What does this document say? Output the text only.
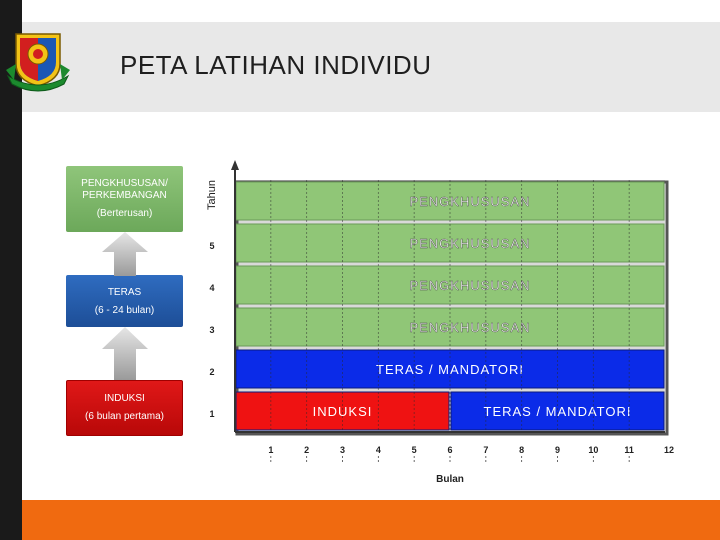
PETA LATIHAN INDIVIDU
PENGKHUSUSAN/ PERKEMBANGAN
(Berterusan)
TERAS
(6 - 24 bulan)
INDUKSI
(6 bulan pertama)
Tahun	PENGKHUSUSAN
PENGKHUSUSAN
PENGKHUSUSAN
PENGKHUSUSAN
TERAS / MANDATORI
INDUKSI	TERAS / MANDATORI
1
2
3
4
5
1	2	3	4	5	6	7	8	9	10	11	12
Bulan
